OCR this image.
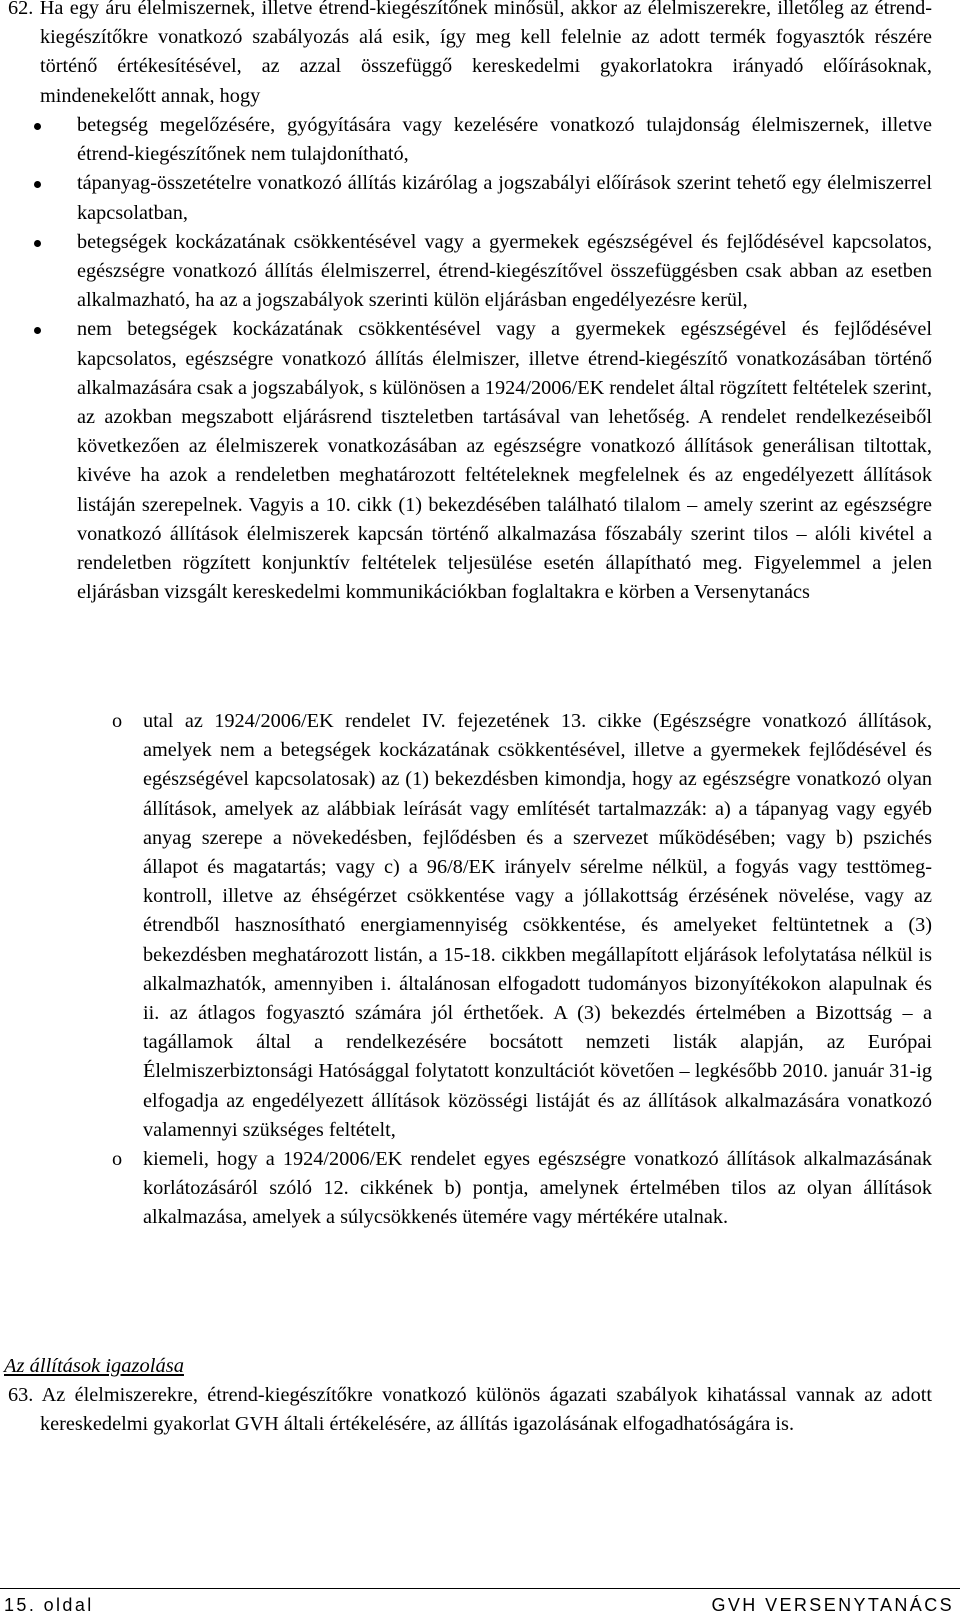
62. Ha egy áru élelmiszernek, illetve étrend-kiegészítőnek minősül, akkor az élelmiszerekre, illetőleg az étrend-kiegészítőkre vonatkozó szabályozás alá esik, így meg kell felelnie az adott termék fogyasztók részére történő értékesítésével, az azzal összefüggő kereskedelmi gyakorlatokra irányadó előírásoknak, mindenekelőtt annak, hogy
betegség megelőzésére, gyógyítására vagy kezelésére vonatkozó tulajdonság élelmiszernek, illetve étrend-kiegészítőnek nem tulajdonítható,
tápanyag-összetételre vonatkozó állítás kizárólag a jogszabályi előírások szerint tehető egy élelmiszerrel kapcsolatban,
betegségek kockázatának csökkentésével vagy a gyermekek egészségével és fejlődésével kapcsolatos, egészségre vonatkozó állítás élelmiszerrel, étrend-kiegészítővel összefüggésben csak abban az esetben alkalmazható, ha az a jogszabályok szerinti külön eljárásban engedélyezésre kerül,
nem betegségek kockázatának csökkentésével vagy a gyermekek egészségével és fejlődésével kapcsolatos, egészségre vonatkozó állítás élelmiszer, illetve étrend-kiegészítő vonatkozásában történő alkalmazására csak a jogszabályok, s különösen a 1924/2006/EK rendelet által rögzített feltételek szerint, az azokban megszabott eljárásrend tiszteletben tartásával van lehetőség. A rendelet rendelkezéseiből következően az élelmiszerek vonatkozásában az egészségre vonatkozó állítások generálisan tiltottak, kivéve ha azok a rendeletben meghatározott feltételeknek megfelelnek és az engedélyezett állítások listáján szerepelnek. Vagyis a 10. cikk (1) bekezdésében található tilalom – amely szerint az egészségre vonatkozó állítások élelmiszerek kapcsán történő alkalmazása főszabály szerint tilos – alóli kivétel a rendeletben rögzített konjunktív feltételek teljesülése esetén állapítható meg. Figyelemmel a jelen eljárásban vizsgált kereskedelmi kommunikációkban foglaltakra e körben a Versenytanács
o utal az 1924/2006/EK rendelet IV. fejezetének 13. cikke (Egészségre vonatkozó állítások, amelyek nem a betegségek kockázatának csökkentésével, illetve a gyermekek fejlődésével és egészségével kapcsolatosak) az (1) bekezdésben kimondja, hogy az egészségre vonatkozó olyan állítások, amelyek az alábbiak leírását vagy említését tartalmazzák: a) a tápanyag vagy egyéb anyag szerepe a növekedésben, fejlődésben és a szervezet működésében; vagy b) pszichés állapot és magatartás; vagy c) a 96/8/EK irányelv sérelme nélkül, a fogyás vagy testtömeg-kontroll, illetve az éhségérzet csökkentése vagy a jóllakottság érzésének növelése, vagy az étrendből hasznosítható energiamennyiség csökkentése, és amelyeket feltüntetnek a (3) bekezdésben meghatározott listán, a 15-18. cikkben megállapított eljárások lefolytatása nélkül is alkalmazhatók, amennyiben i. általánosan elfogadott tudományos bizonyítékokon alapulnak és ii. az átlagos fogyasztó számára jól érthetőek. A (3) bekezdés értelmében a Bizottság – a tagállamok által a rendelkezésére bocsátott nemzeti listák alapján, az Európai Élelmiszerbiztonsági Hatósággal folytatott konzultációt követően – legkésőbb 2010. január 31-ig elfogadja az engedélyezett állítások közösségi listáját és az állítások alkalmazására vonatkozó valamennyi szükséges feltételt,
o kiemeli, hogy a 1924/2006/EK rendelet egyes egészségre vonatkozó állítások alkalmazásának korlátozásáról szóló 12. cikkének b) pontja, amelynek értelmében tilos az olyan állítások alkalmazása, amelyek a súlycsökkenés ütemére vagy mértékére utalnak.
Az állítások igazolása
63. Az élelmiszerekre, étrend-kiegészítőkre vonatkozó különös ágazati szabályok kihatással vannak az adott kereskedelmi gyakorlat GVH általi értékelésére, az állítás igazolásának elfogadhatóságára is.
15. oldal	GVH VERSENYTANÁCS
